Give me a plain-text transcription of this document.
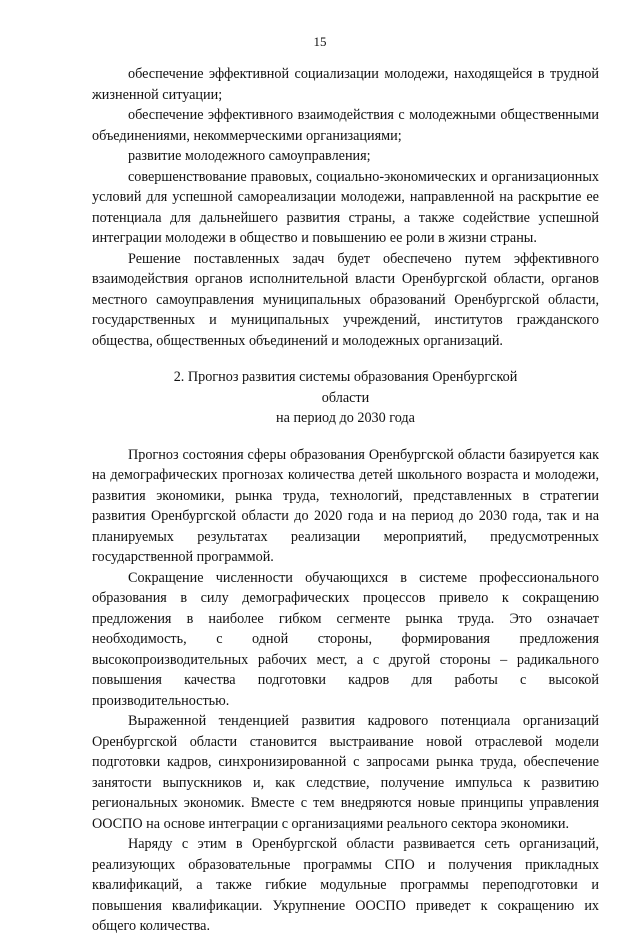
15

обеспечение эффективной социализации молодежи, находящейся в трудной жизненной ситуации;

обеспечение эффективного взаимодействия с молодежными общественными объединениями, некоммерческими организациями;

развитие молодежного самоуправления;

совершенствование правовых, социально-экономических и организационных условий для успешной самореализации молодежи, направленной на раскрытие ее потенциала для дальнейшего развития страны, а также содействие успешной интеграции молодежи в общество и повышению ее роли в жизни страны.

Решение поставленных задач будет обеспечено путем эффективного взаимодействия органов исполнительной власти Оренбургской области, органов местного самоуправления муниципальных образований Оренбургской области, государственных и муниципальных учреждений, институтов гражданского общества, общественных объединений и молодежных организаций.

2. Прогноз развития системы образования Оренбургской области
на период до 2030 года

Прогноз состояния сферы образования Оренбургской области базируется как на демографических прогнозах количества детей школьного возраста и молодежи, развития экономики, рынка труда, технологий, представленных в стратегии развития Оренбургской области до 2020 года и на период до 2030 года, так и на планируемых результатах реализации мероприятий, предусмотренных государственной программой.

Сокращение численности обучающихся в системе профессионального образования в силу демографических процессов привело к сокращению предложения в наиболее гибком сегменте рынка труда. Это означает необходимость, с одной стороны, формирования предложения высокопроизводительных рабочих мест, а с другой стороны – радикального повышения качества подготовки кадров для работы с высокой производительностью.

Выраженной тенденцией развития кадрового потенциала организаций Оренбургской области становится выстраивание новой отраслевой модели подготовки кадров, синхронизированной с запросами рынка труда, обеспечение занятости выпускников и, как следствие, получение импульса к развитию региональных экономик. Вместе с тем внедряются новые принципы управления ООСПО на основе интеграции с организациями реального сектора экономики.

Наряду с этим в Оренбургской области развивается сеть организаций, реализующих образовательные программы СПО и получения прикладных квалификаций, а также гибкие модульные программы переподготовки и повышения квалификации. Укрупнение ООСПО приведет к сокращению их общего количества.
